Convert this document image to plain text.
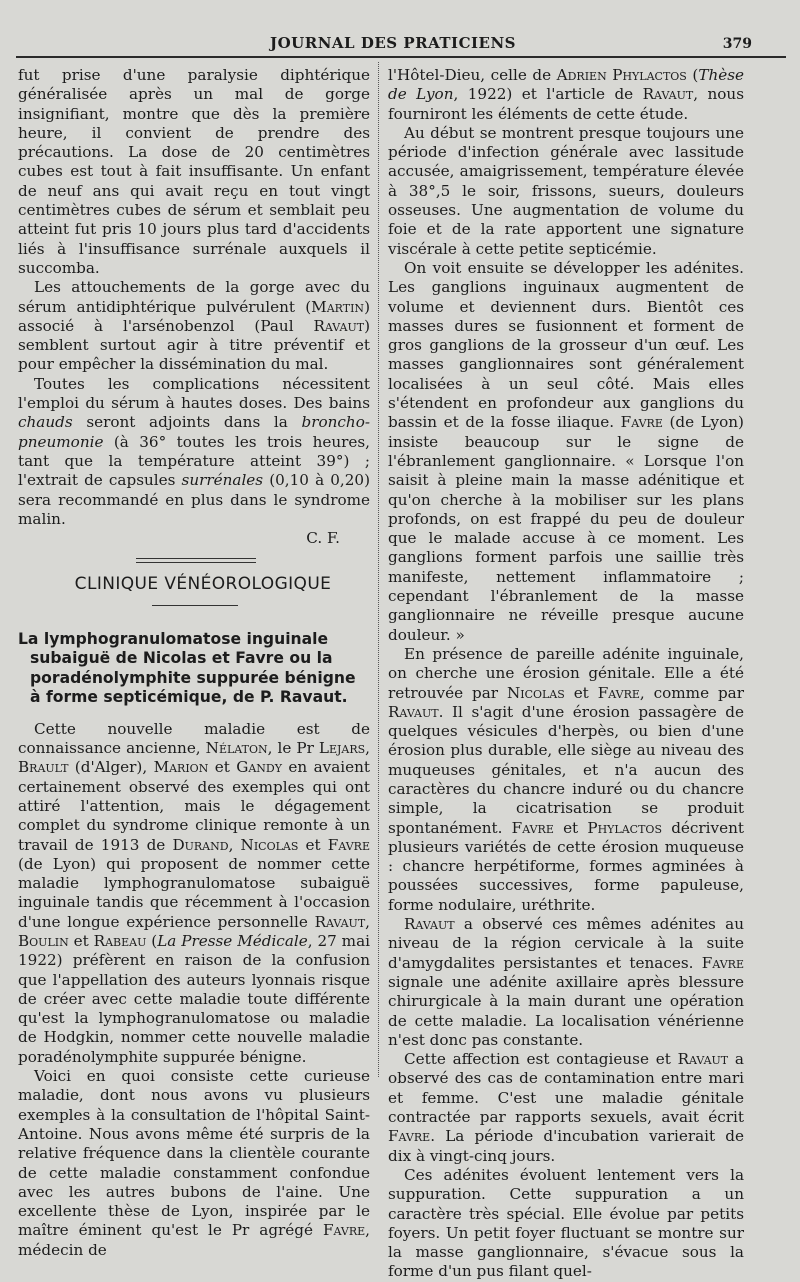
JOURNAL DES PRATICIENS	379

fut prise d'une paralysie diphtérique généralisée après un mal de gorge insignifiant, montre que dès la première heure, il convient de prendre des précautions. La dose de 20 centimètres cubes est tout à fait insuffisante. Un enfant de neuf ans qui avait reçu en tout vingt centimètres cubes de sérum et semblait peu atteint fut pris 10 jours plus tard d'accidents liés à l'insuffisance surrénale auxquels il succomba.

Les attouchements de la gorge avec du sérum antidiphtérique pulvérulent (Martin) associé à l'arsénobenzol (Paul Ravaut) semblent surtout agir à titre préventif et pour empêcher la dissémination du mal.

Toutes les complications nécessitent l'emploi du sérum à hautes doses. Des bains chauds seront adjoints dans la broncho-pneumonie (à 36° toutes les trois heures, tant que la température atteint 39°) ; l'extrait de capsules surrénales (0,10 à 0,20) sera recommandé en plus dans le syndrome malin.

C. F.

CLINIQUE VÉNÉOROLOGIQUE
La lymphogranulomatose inguinale subaiguë de Nicolas et Favre ou la poradénolymphite suppurée bénigne à forme septicémique, de P. Ravaut.

Cette nouvelle maladie est de connaissance ancienne, Nélaton, le Pr Lejars, Brault (d'Alger), Marion et Gandy en avaient certainement observé des exemples qui ont attiré l'attention, mais le dégagement complet du syndrome clinique remonte à un travail de 1913 de Durand, Nicolas et Favre (de Lyon) qui proposent de nommer cette maladie lymphogranulomatose subaiguë inguinale tandis que récemment à l'occasion d'une longue expérience personnelle Ravaut, Boulin et Rabeau (La Presse Médicale, 27 mai 1922) préfèrent en raison de la confusion que l'appellation des auteurs lyonnais risque de créer avec cette maladie toute différente qu'est la lymphogranulomatose ou maladie de Hodgkin, nommer cette nouvelle maladie poradénolymphite suppurée bénigne.

Voici en quoi consiste cette curieuse maladie, dont nous avons vu plusieurs exemples à la consultation de l'hôpital Saint-Antoine. Nous avons même été surpris de la relative fréquence dans la clientèle courante de cette maladie constamment confondue avec les autres bubons de l'aine. Une excellente thèse de Lyon, inspirée par le maître éminent qu'est le Pr agrégé Favre, médecin de

l'Hôtel-Dieu, celle de Adrien Phylactos (Thèse de Lyon, 1922) et l'article de Ravaut, nous fourniront les éléments de cette étude.

Au début se montrent presque toujours une période d'infection générale avec lassitude accusée, amaigrissement, température élevée à 38°,5 le soir, frissons, sueurs, douleurs osseuses. Une augmentation de volume du foie et de la rate apportent une signature viscérale à cette petite septicémie.

On voit ensuite se développer les adénites. Les ganglions inguinaux augmentent de volume et deviennent durs. Bientôt ces masses dures se fusionnent et forment de gros ganglions de la grosseur d'un œuf. Les masses ganglionnaires sont généralement localisées à un seul côté. Mais elles s'étendent en profondeur aux ganglions du bassin et de la fosse iliaque. Favre (de Lyon) insiste beaucoup sur le signe de l'ébranlement ganglionnaire. « Lorsque l'on saisit à pleine main la masse adénitique et qu'on cherche à la mobiliser sur les plans profonds, on est frappé du peu de douleur que le malade accuse à ce moment. Les ganglions forment parfois une saillie très manifeste, nettement inflammatoire ; cependant l'ébranlement de la masse ganglionnaire ne réveille presque aucune douleur. »

En présence de pareille adénite inguinale, on cherche une érosion génitale. Elle a été retrouvée par Nicolas et Favre, comme par Ravaut. Il s'agit d'une érosion passagère de quelques vésicules d'herpès, ou bien d'une érosion plus durable, elle siège au niveau des muqueuses génitales, et n'a aucun des caractères du chancre induré ou du chancre simple, la cicatrisation se produit spontanément. Favre et Phylactos décrivent plusieurs variétés de cette érosion muqueuse : chancre herpétiforme, formes agminées à poussées successives, forme papuleuse, forme nodulaire, uréthrite.

Ravaut a observé ces mêmes adénites au niveau de la région cervicale à la suite d'amygdalites persistantes et tenaces. Favre signale une adénite axillaire après blessure chirurgicale à la main durant une opération de cette maladie. La localisation vénérienne n'est donc pas constante.

Cette affection est contagieuse et Ravaut a observé des cas de contamination entre mari et femme. C'est une maladie génitale contractée par rapports sexuels, avait écrit Favre. La période d'incubation varierait de dix à vingt-cinq jours.

Ces adénites évoluent lentement vers la suppuration. Cette suppuration a un caractère très spécial. Elle évolue par petits foyers. Un petit foyer fluctuant se montre sur la masse ganglionnaire, s'évacue sous la forme d'un pus filant quel-
